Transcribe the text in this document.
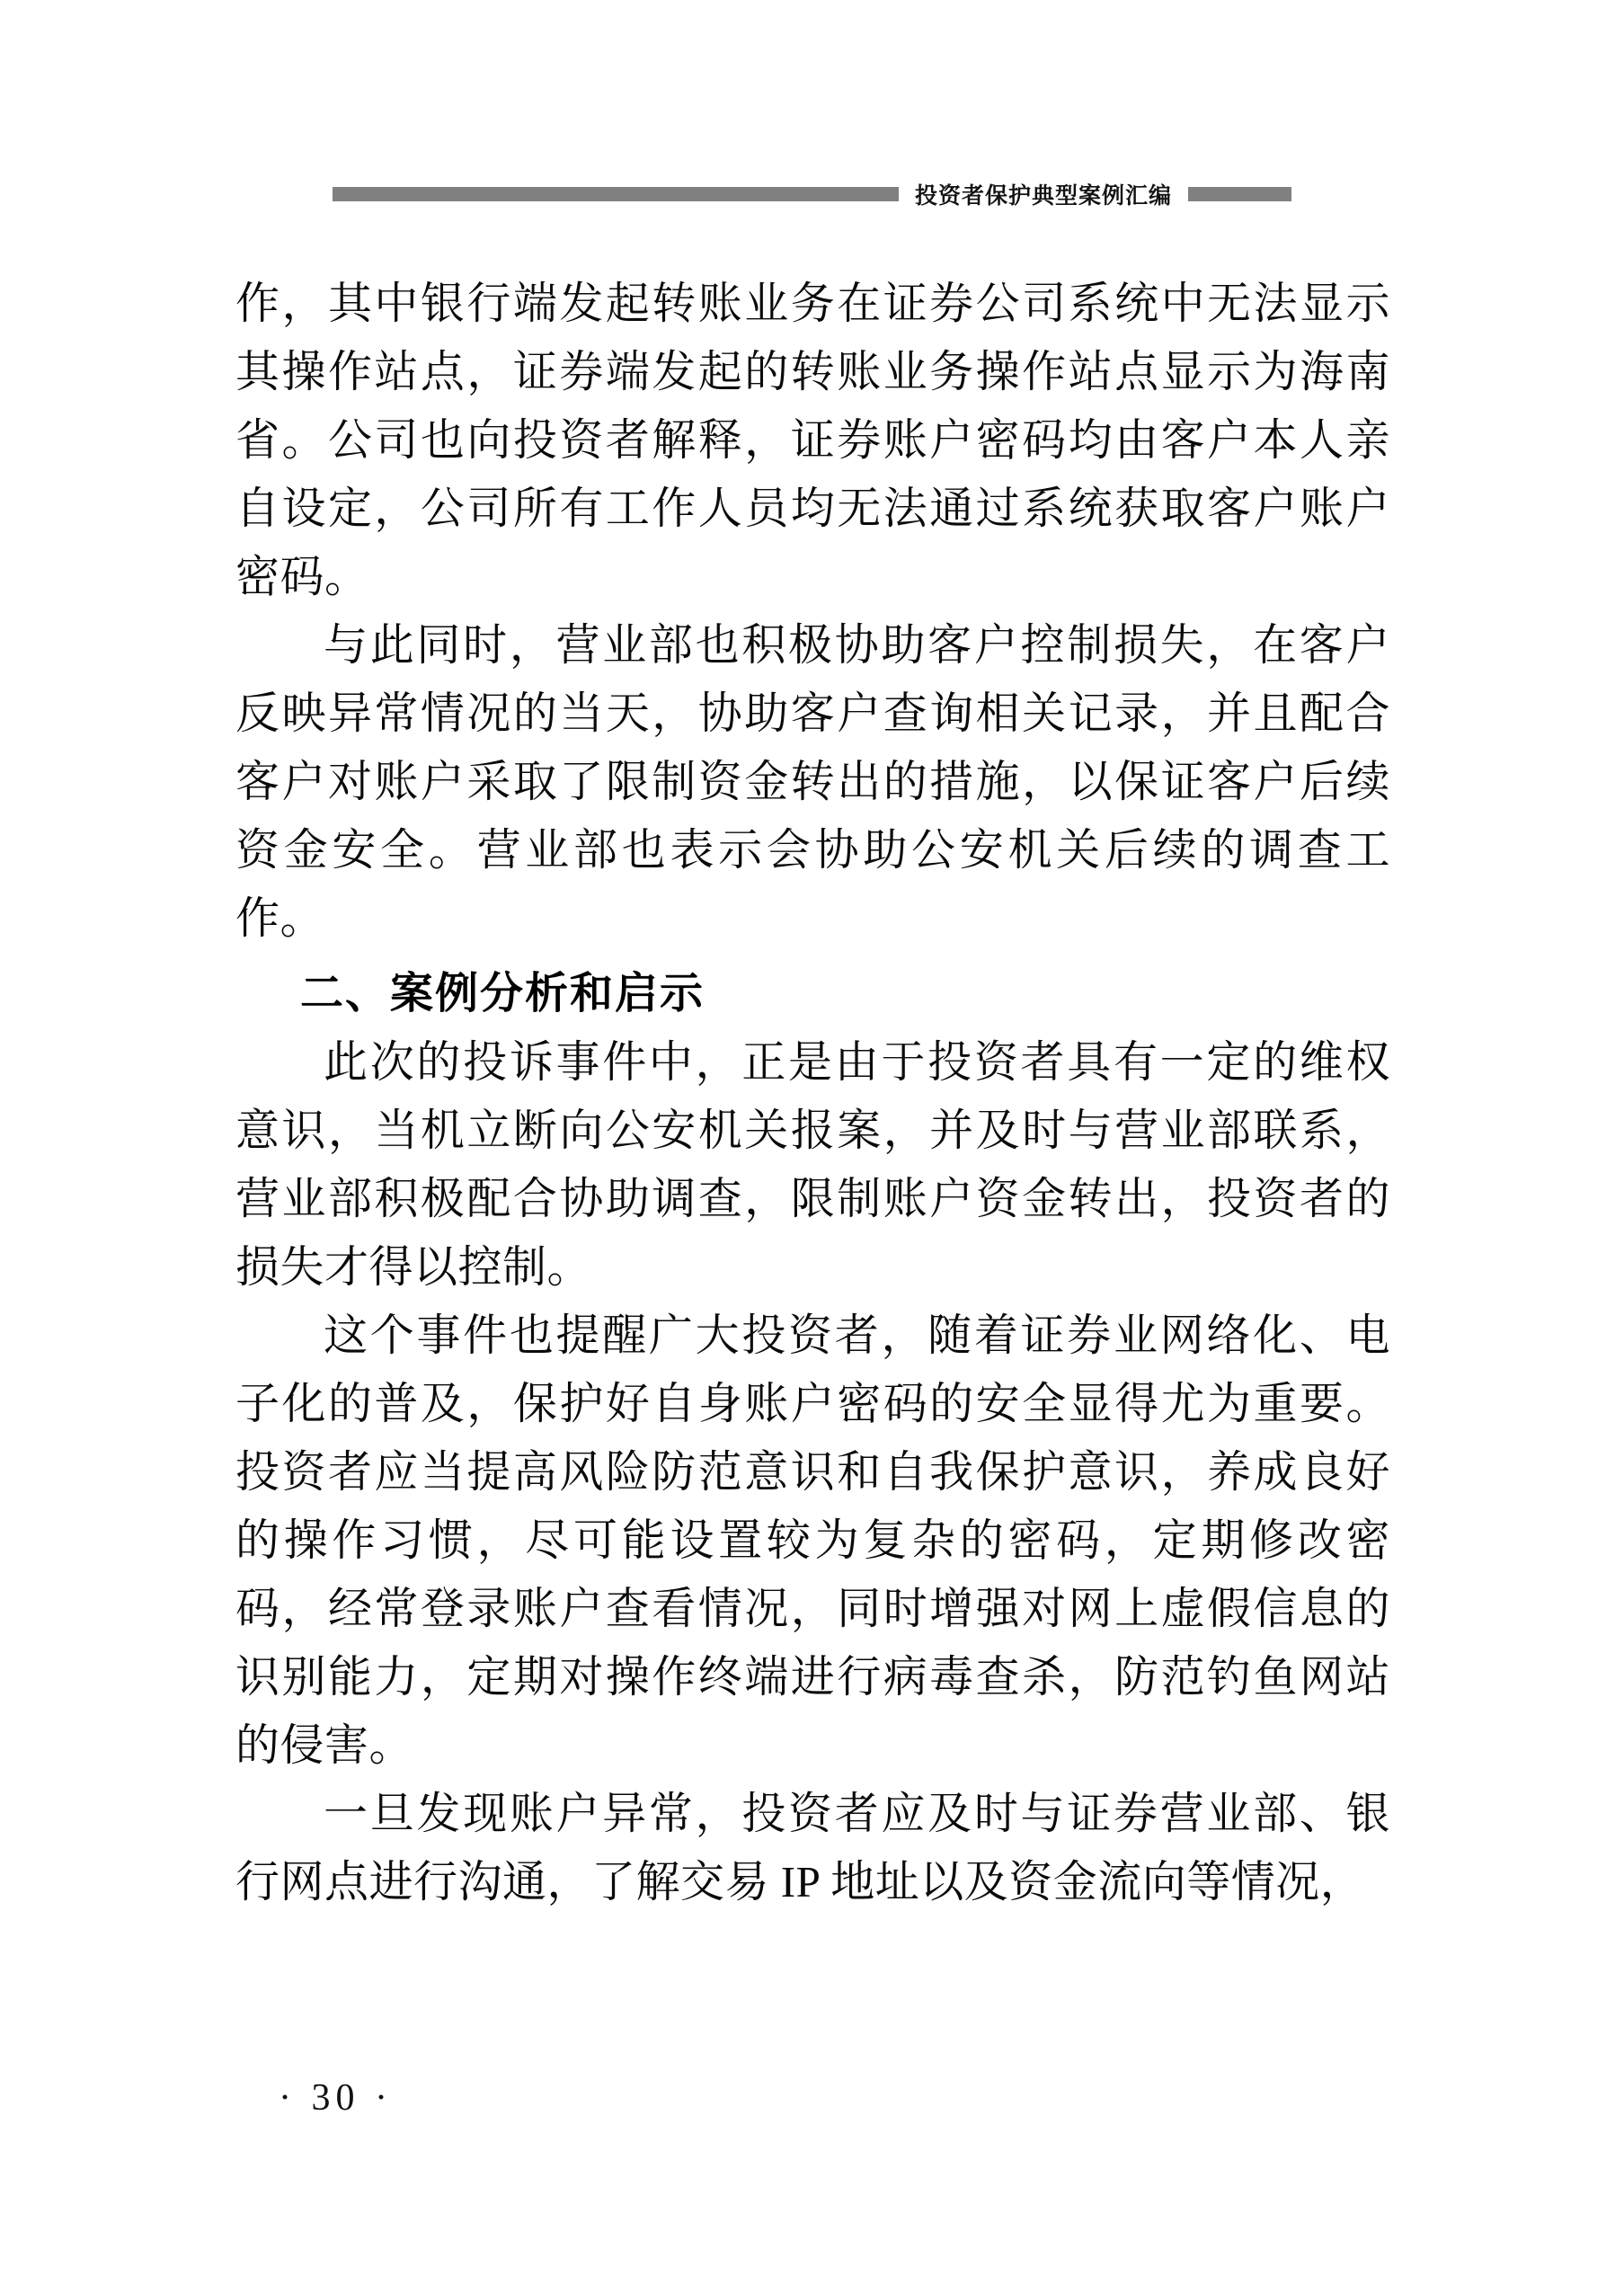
投资者保护典型案例汇编

作，其中银行端发起转账业务在证券公司系统中无法显示其操作站点，证券端发起的转账业务操作站点显示为海南省。公司也向投资者解释，证券账户密码均由客户本人亲自设定，公司所有工作人员均无法通过系统获取客户账户密码。

与此同时，营业部也积极协助客户控制损失，在客户反映异常情况的当天，协助客户查询相关记录，并且配合客户对账户采取了限制资金转出的措施，以保证客户后续资金安全。营业部也表示会协助公安机关后续的调查工作。

二、案例分析和启示

此次的投诉事件中，正是由于投资者具有一定的维权意识，当机立断向公安机关报案，并及时与营业部联系，营业部积极配合协助调查，限制账户资金转出，投资者的损失才得以控制。

这个事件也提醒广大投资者，随着证券业网络化、电子化的普及，保护好自身账户密码的安全显得尤为重要。投资者应当提高风险防范意识和自我保护意识，养成良好的操作习惯，尽可能设置较为复杂的密码，定期修改密码，经常登录账户查看情况，同时增强对网上虚假信息的识别能力，定期对操作终端进行病毒查杀，防范钓鱼网站的侵害。

一旦发现账户异常，投资者应及时与证券营业部、银行网点进行沟通，了解交易 IP 地址以及资金流向等情况，

· 30 ·
